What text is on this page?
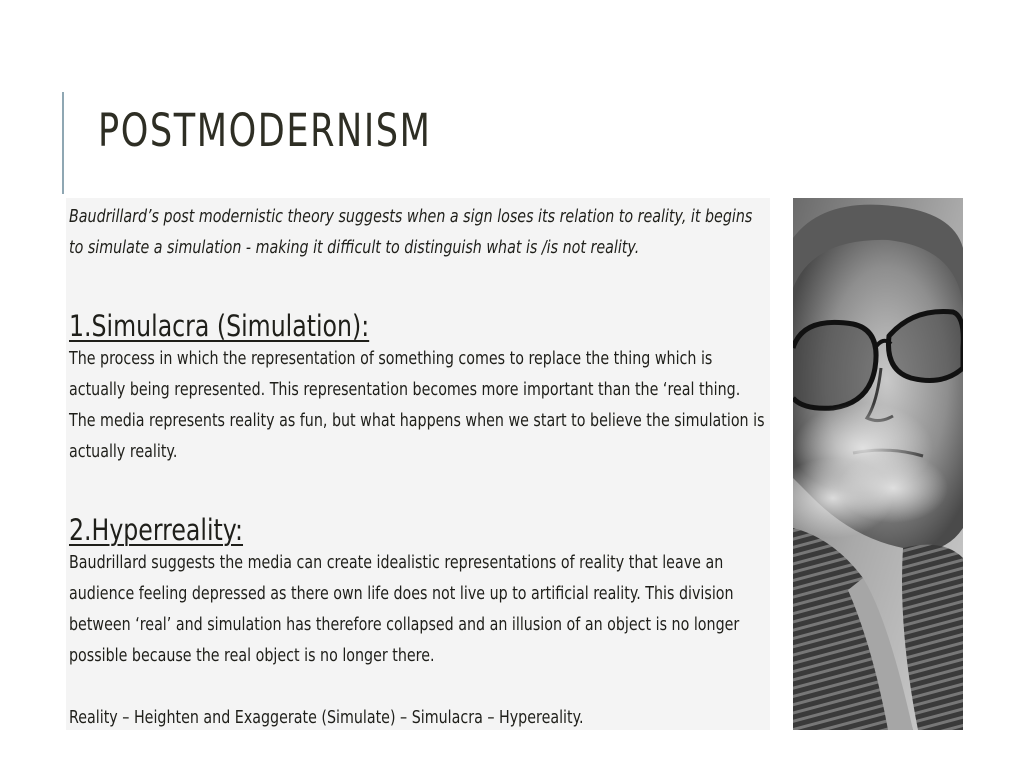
POSTMODERNISM

Baudrillard’s post modernistic theory suggests when a sign loses its relation to reality, it begins to simulate a simulation - making it difficult to distinguish what is /is not reality.

1.Simulacra (Simulation):

The process in which the representation of something comes to replace the thing which is actually being represented. This representation becomes more important than the ‘real thing. The media represents reality as fun, but what happens when we start to believe the simulation is actually reality.

2.Hyperreality:

Baudrillard suggests the media can create idealistic representations of reality that leave an audience feeling depressed as there own life does not live up to artificial reality. This division between ‘real’ and simulation has therefore collapsed and an illusion of an object is no longer possible because the real object is no longer there.

Reality – Heighten and Exaggerate (Simulate) – Simulacra – Hypereality.
